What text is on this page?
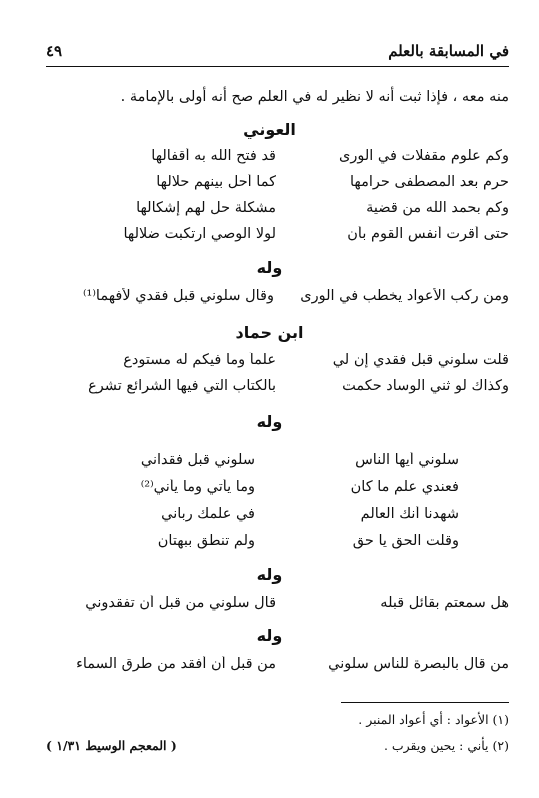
في المسابقة بالعلم
٤٩
منه معه ، فإذا ثبت أنه لا نظير له في العلم صح أنه أولى بالإمامة .
العوني
وكم علوم مقفلات في الورى
قد فتح الله به أقفالها
حرم بعد المصطفى حرامها
كما أحل بينهم حلالها
وكم بحمد الله من قضية
مشكلة حل لهم إشكالها
حتى أقرت أنفس القوم بأن
لولا الوصي ارتكبت ضلالها
وله
ومن ركب الأعواد يخطب في الورى
وقال سلوني قبل فقدي لأفهما⁽¹⁾
ابن حماد
قلت سلوني قبل فقدي إن لي
علماً وما فيكم له مستودع
وكذاك لو ثني الوساد حكمت
بالكتاب التي فيها الشرائع تشرع
وله
سلوني أيها الناس
سلوني قبل فقداني
فعندي علم ما كان
وما يأتي وما يأني⁽²⁾
شهدنا أنك العالم
في علمك رباني
وقلت الحق يا حق
ولم تنطق ببهتان
وله
هل سمعتم بقائل قبله
قال سلوني من قبل أن تفقدوني
وله
من قال بالبصرة للناس سلوني
من قبل أن أفقد من طرق السماء
(١) الأعواد : أي أعواد المنبر .
(٢) يأني : يحين ويقرب .
( المعجم الوسيط ١/٣١ )
